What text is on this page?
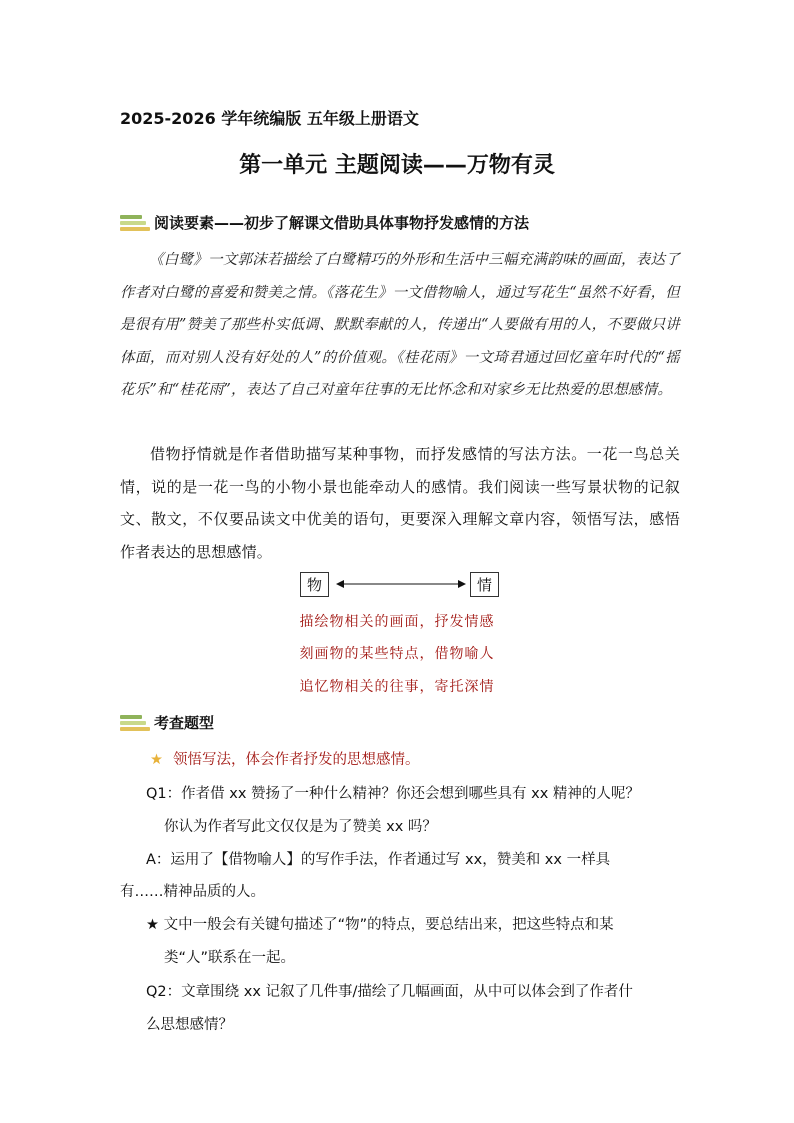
2025-2026 学年统编版 五年级上册语文
第一单元 主题阅读——万物有灵
阅读要素——初步了解课文借助具体事物抒发感情的方法
《白鹭》一文郭沫若描绘了白鹭精巧的外形和生活中三幅充满韵味的画面，表达了作者对白鹭的喜爱和赞美之情。《落花生》一文借物喻人，通过写花生“虽然不好看，但是很有用”赞美了那些朴实低调、默默奉献的人，传递出“人要做有用的人，不要做只讲体面，而对别人没有好处的人”的价值观。《桂花雨》一文琦君通过回忆童年时代的“摇花乐”和“桂花雨”，表达了自己对童年往事的无比怀念和对家乡无比热爱的思想感情。
借物抒情就是作者借助描写某种事物，而抒发感情的写法方法。一花一鸟总关情，说的是一花一鸟的小物小景也能牵动人的感情。我们阅读一些写景状物的记叙文、散文，不仅要品读文中优美的语句，更要深入理解文章内容，领悟写法，感悟作者表达的思想感情。
物	情
描绘物相关的画面，抒发情感
刻画物的某些特点，借物喻人
追忆物相关的往事，寄托深情
考查题型
★ 领悟写法，体会作者抒发的思想感情。
Q1：作者借 xx 赞扬了一种什么精神？你还会想到哪些具有 xx 精神的人呢？
你认为作者写此文仅仅是为了赞美 xx 吗？
A：运用了【借物喻人】的写作手法，作者通过写 xx，赞美和 xx 一样具
有……精神品质的人。
★ 文中一般会有关键句描述了“物”的特点，要总结出来，把这些特点和某
类“人”联系在一起。
Q2：文章围绕 xx 记叙了几件事/描绘了几幅画面，从中可以体会到了作者什
么思想感情？
